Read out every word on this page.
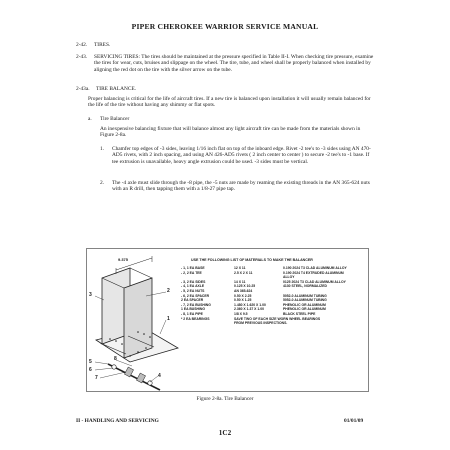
PIPER CHEROKEE WARRIOR SERVICE MANUAL
2-42. TIRES.
2-43. SERVICING TIRES: The tires should be maintained at the pressure specified in Table II-I. When checking tire pressure, examine the tires for wear, cuts, bruises and slippage on the wheel. The tire, tube, and wheel shall be properly balanced when installed by aligning the red dot on the tire with the silver arrow on the tube.
2-43a. TIRE BALANCE.
Proper balancing is critical for the life of aircraft tires. If a new tire is balanced upon installation it will usually remain balanced for the life of the tire without having any shimmy or flat spots.
a. Tire Balancer
An inexpensive balancing fixture that will balance almost any light aircraft tire can be made from the materials shown in Figure 2-8a.
1. Chamfer top edges of -3 sides, leaving 1/16 inch flat on top of the inboard edge. Rivet -2 tee's to -3 sides using AN 470-AD5 rivets, with 2 inch spacing, and using AN 426-AD5 rivets ( 2 inch center to center ) to secure -2 tee's to -1 base. If tee extrusion is unavailable, heavy angle extrusion could be used. -3 sides must be vertical.
2. The -4 axle must slide through the -8 pipe, the -5 nuts are made by reaming the existing threads in the AN 365-624 nuts with an R drill, then tapping them with a 1/8-27 pipe tap.
9.375
3
5
6
7
8
4
2
1
USE THE FOLLOWING LIST OF MATERIALS TO MAKE THE BALANCER
- 1, 1 EA BASE	12 X 11	0.190 2024 T3 CLAD ALUMINUM ALLOY
- 2, 2 EA TEE	2.5 X 2 X 11	0.190 2024 T4 EXTRUDED ALUMINUM
ALLOY
- 3, 2 EA SIDES	14 X 11	0125 2024 T3 CLAD ALUMINUM ALLOY
- 4, 1 EA AXLE	0.125 X 10.25	4130 STEEL, NORMALIZED
- 5, 2 EA NUTS	AN 365-624
- 6, 2 EA SPACER	0.50 X 2.25	5052-0 ALUMINUM TUBING
2 EA SPACER	0.50 X 1.25	5052-0 ALUMINUM TUBING
- 7, 2 EA BUSHING	1.480 X 1.620 X 1.00	PHENOLIC OR ALUMINUM
1 EA BUSHING	2.360 X 1.37 X 1.00	PHENOLIC OR ALUMINUM
- 8, 1 EA PIPE	1/8 X 9.5	BLACK STEEL PIPE
* 2 EA BEARINGS	SAVE TWO OF EACH SIZE WORN WHEEL BEARINGS
FROM PREVIOUS INSPECTIONS.
Figure 2-8a. Tire Balancer
II - HANDLING AND SERVICING	01/01/09
1C2
